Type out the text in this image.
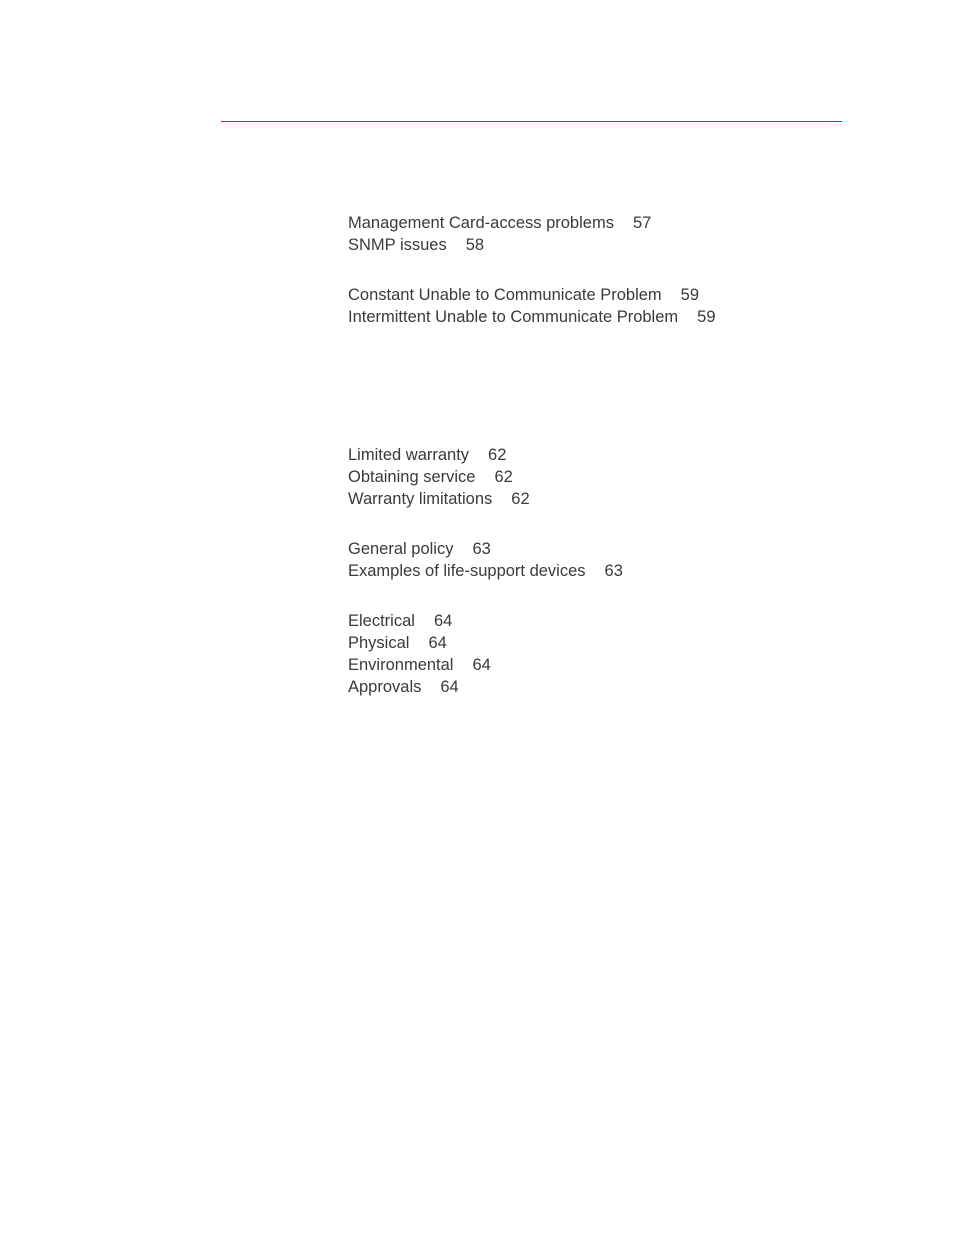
Management Card-access problems 57
SNMP issues 58
Constant Unable to Communicate Problem 59
Intermittent Unable to Communicate Problem 59
Limited warranty 62
Obtaining service 62
Warranty limitations 62
General policy 63
Examples of life-support devices 63
Electrical 64
Physical 64
Environmental 64
Approvals 64
